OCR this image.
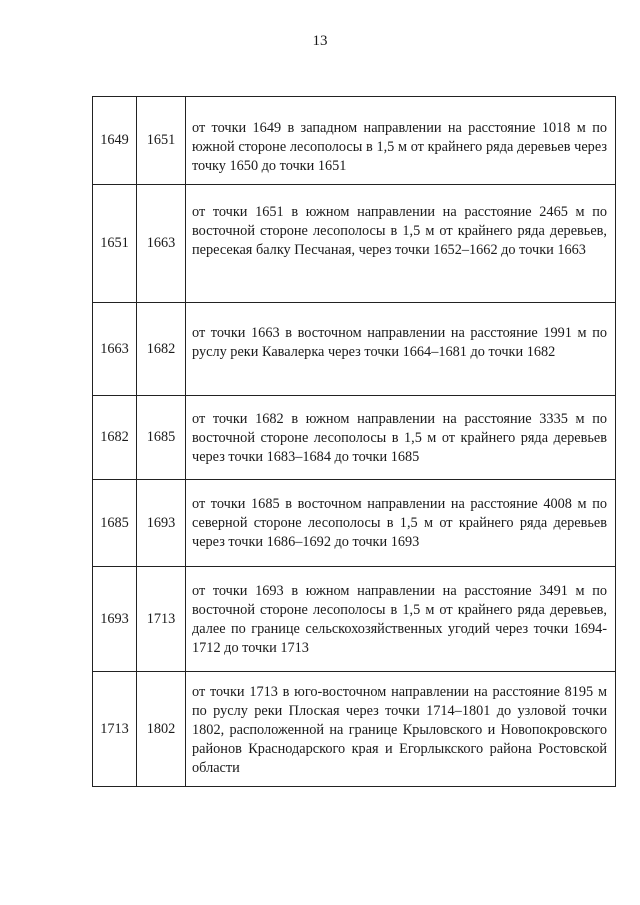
13
1649	1651	от точки 1649 в западном направлении на расстояние 1018 м по южной стороне лесополосы в 1,5 м от крайнего ряда деревьев через точку 1650 до точки 1651
1651	1663	от точки 1651 в южном направлении на расстояние 2465 м по восточной стороне лесополосы в 1,5 м от крайнего ряда деревьев, пересекая балку Песчаная, через точки 1652–1662 до точки 1663
1663	1682	от точки 1663 в восточном направлении на расстояние 1991 м по руслу реки Кавалерка через точки 1664–1681 до точки 1682
1682	1685	от точки 1682 в южном направлении на расстояние 3335 м по восточной стороне лесополосы в 1,5 м от крайнего ряда деревьев через точки 1683–1684 до точки 1685
1685	1693	от точки 1685 в восточном направлении на расстояние 4008 м по северной стороне лесополосы в 1,5 м от крайнего ряда деревьев через точки 1686–1692 до точки 1693
1693	1713	от точки 1693 в южном направлении на расстояние 3491 м по восточной стороне лесополосы в 1,5 м от крайнего ряда деревьев, далее по границе сельскохозяйственных угодий через точки 1694-1712 до точки 1713
1713	1802	от точки 1713 в юго-восточном направлении на расстояние 8195 м по руслу реки Плоская через точки 1714–1801 до узловой точки 1802, расположенной на границе Крыловского и Новопокровского районов Краснодарского края и Егорлыкского района Ростовской области
